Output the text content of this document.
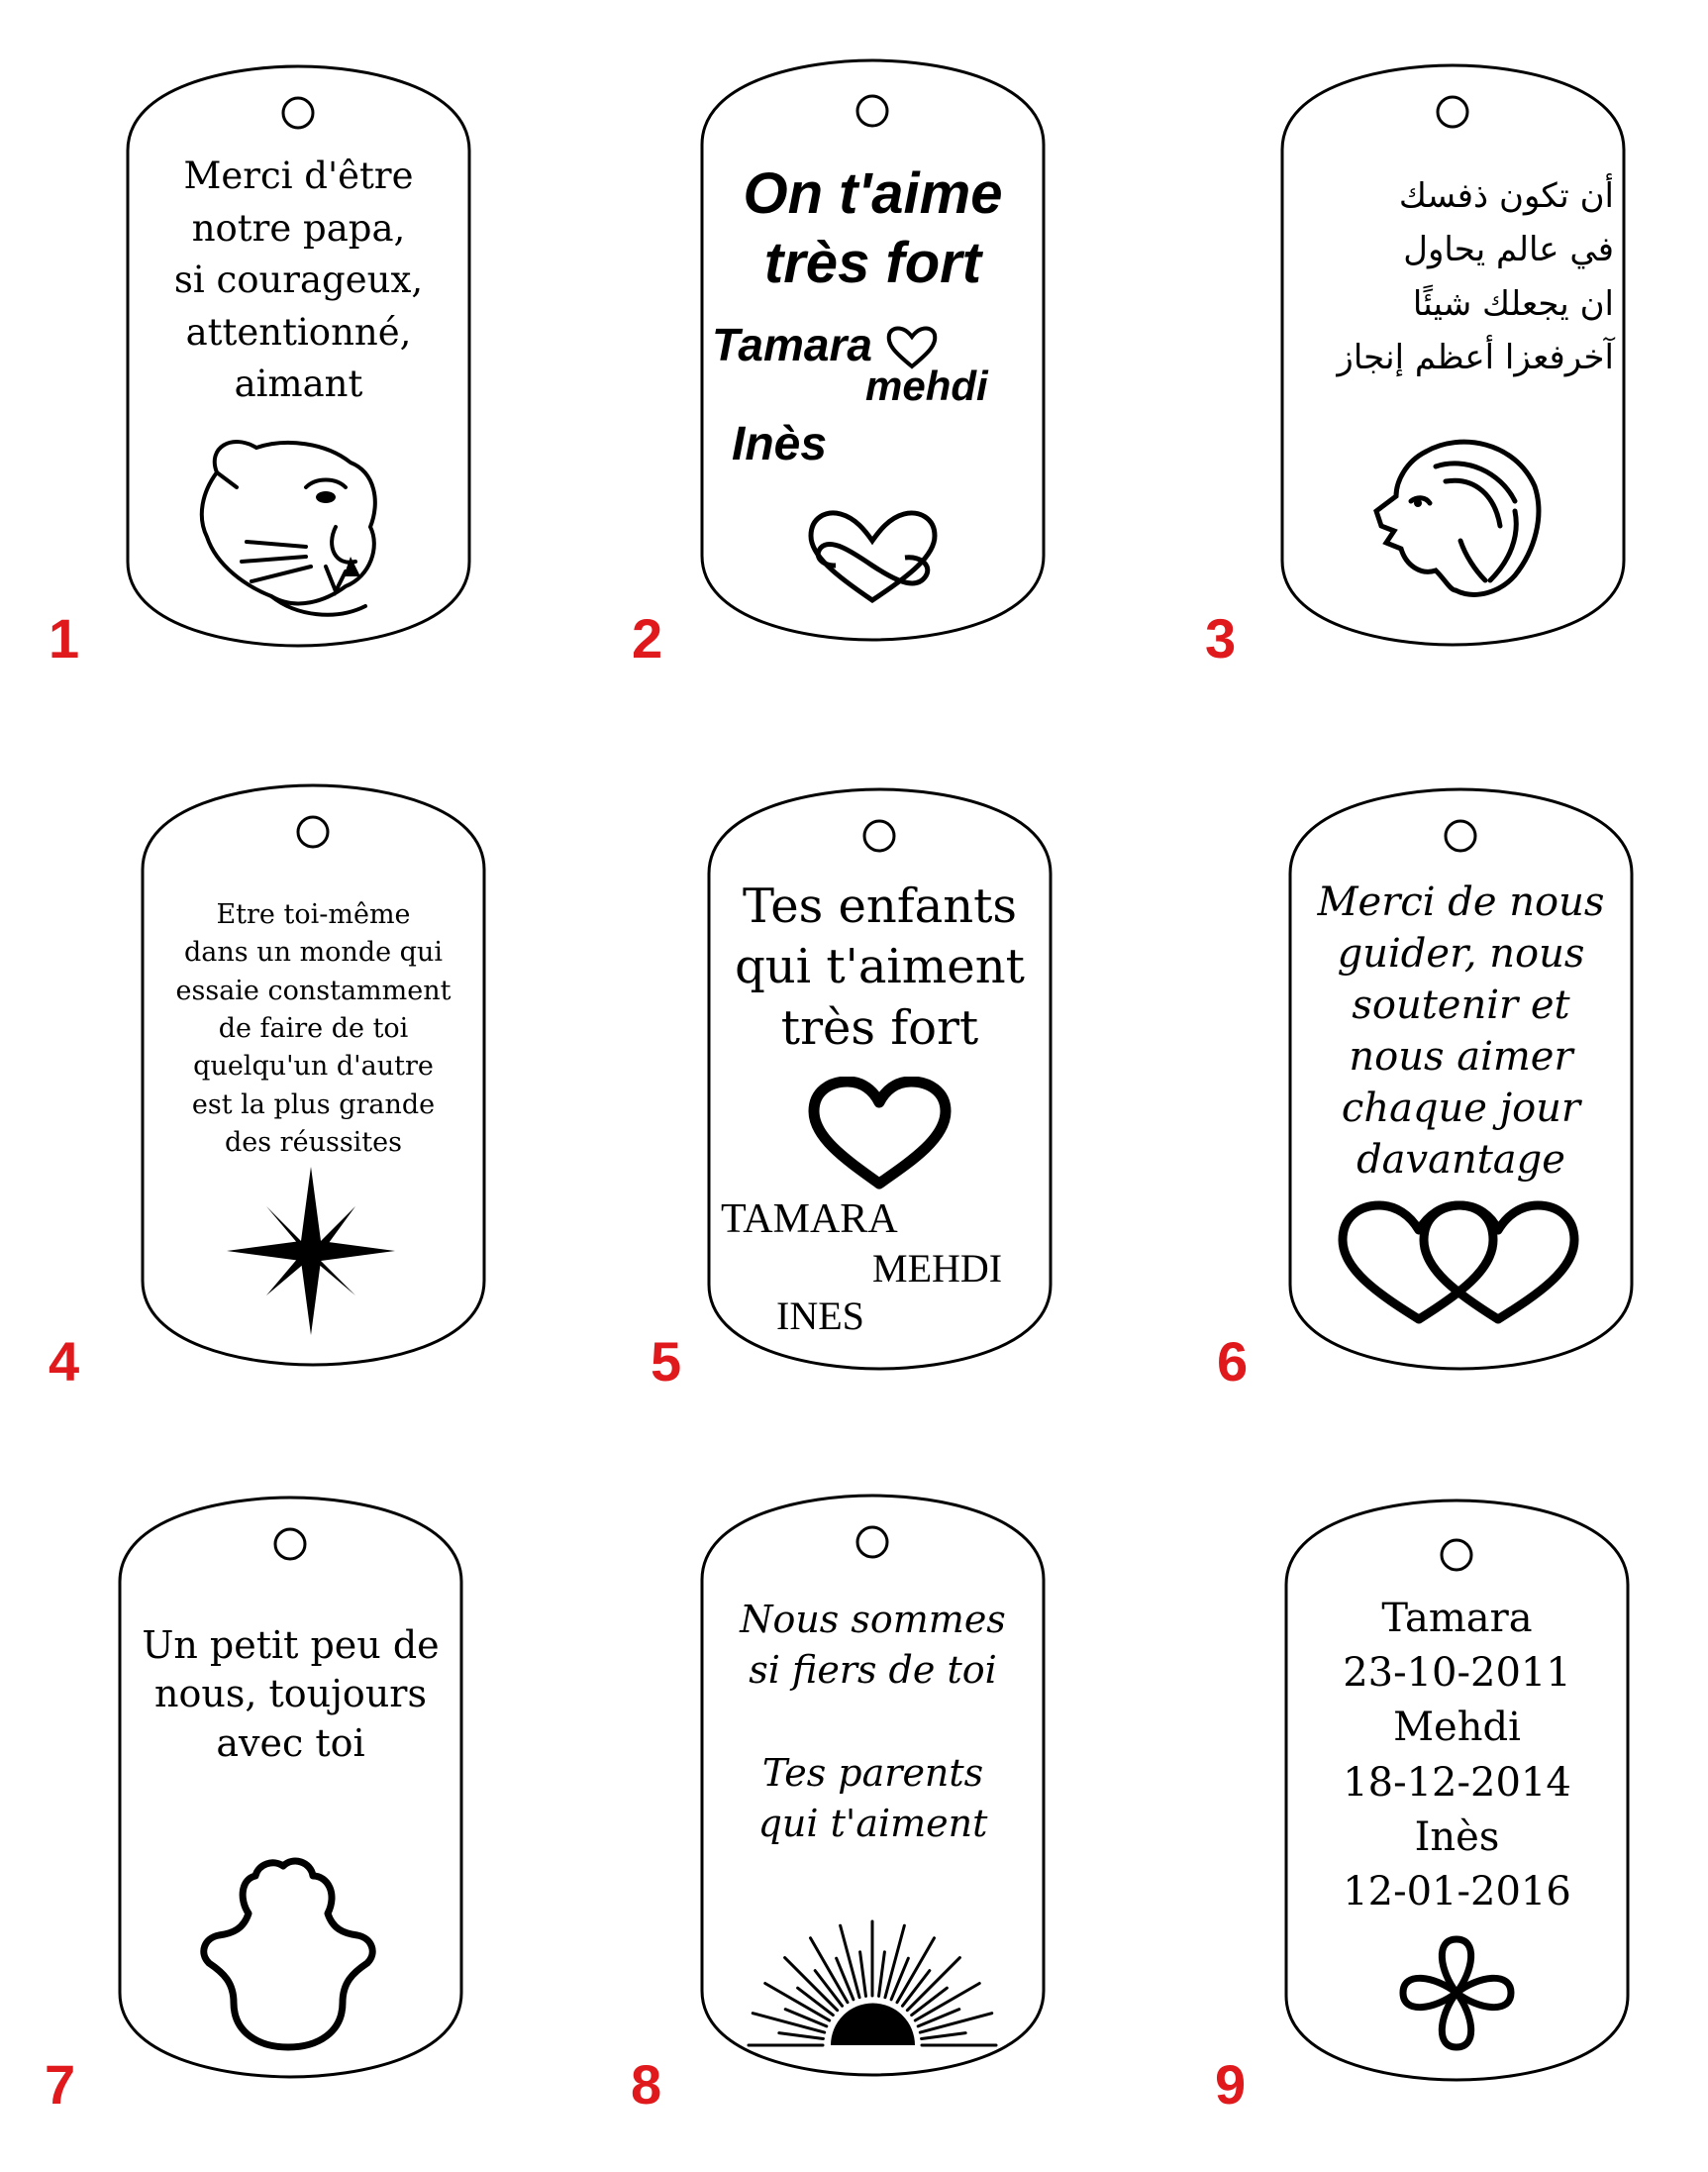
Merci d'être
notre papa,
si courageux,
attentionné,
aimant
1
On t'aime
très fort
Tamara
mehdi
Inès
2
أن تكون ذفسك
في عالم يحاول
ان يجعلك شيئًا
آخرفعزا أعظم إنجاز
3
Etre toi-même
dans un monde qui
essaie constamment
de faire de toi
quelqu'un d'autre
est la plus grande
des réussites
4
Tes enfants
qui t'aiment
très fort
TAMARA
MEHDI
INES
5
Merci de nous
guider, nous
soutenir et
nous aimer
chaque jour
davantage
6
Un petit peu de
nous, toujours
avec toi
7
Nous sommes
si fiers de toi
Tes parents
qui t'aiment
8
Tamara
23-10-2011
Mehdi
18-12-2014
Inès
12-01-2016
9
